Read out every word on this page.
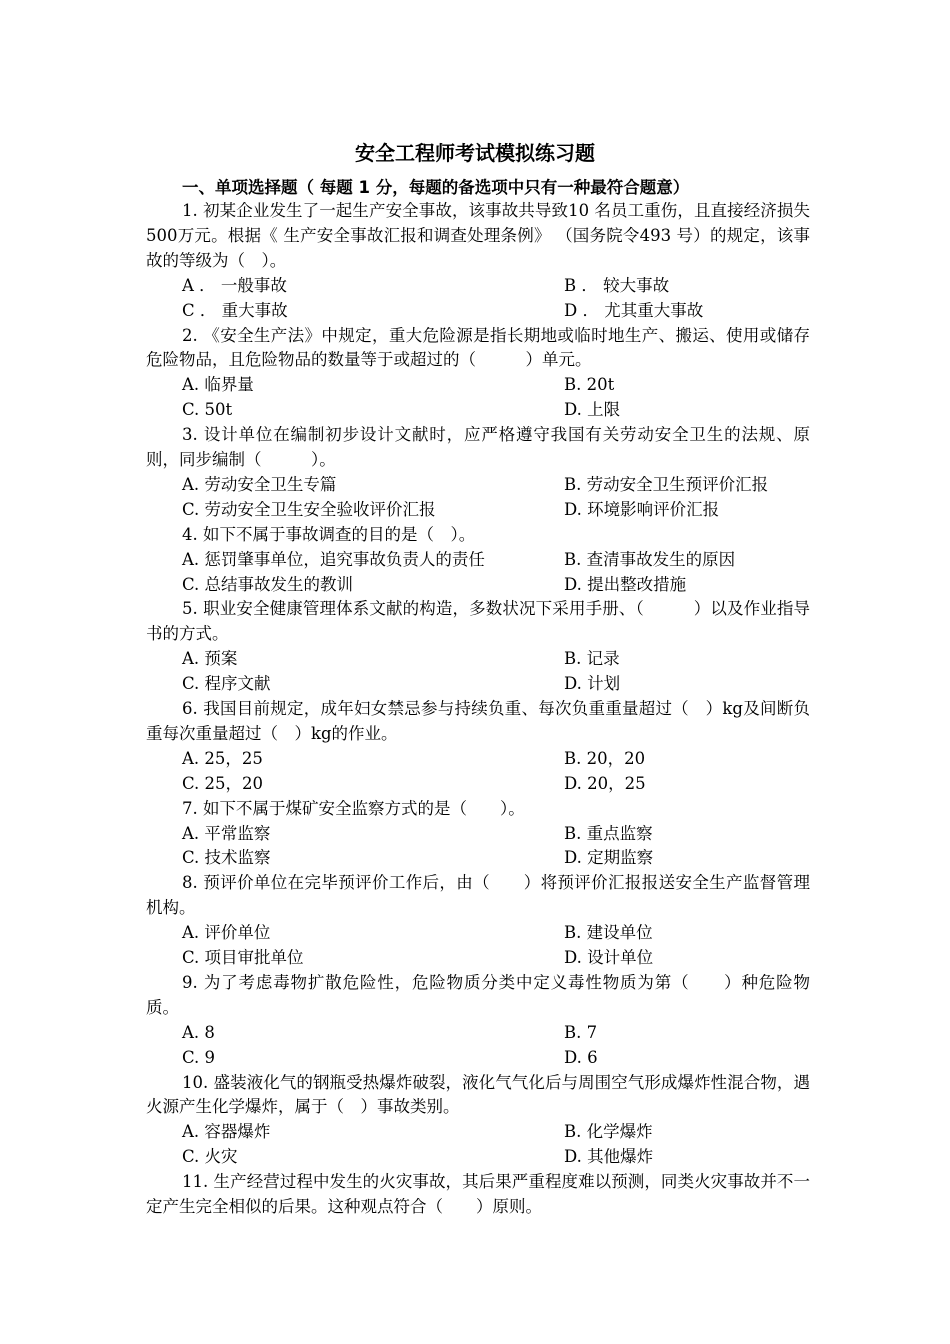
安全工程师考试模拟练习题
一、单项选择题（ 每题 1 分，每题的备选项中只有一种最符合题意）

1. 初某企业发生了一起生产安全事故，该事故共导致10 名员工重伤，且直接经济损失500万元。根据《 生产安全事故汇报和调查处理条例》 （国务院令493 号）的规定，该事故的等级为（　）。

A ． 一般事故	B ． 较大事故
C ． 重大事故	D ． 尤其重大事故

2. 《安全生产法》中规定，重大危险源是指长期地或临时地生产、搬运、使用或储存危险物品，且危险物品的数量等于或超过的（　　　）单元。

A. 临界量	B. 20t
C. 50t	D. 上限

3. 设计单位在编制初步设计文献时，应严格遵守我国有关劳动安全卫生的法规、原则，同步编制（　　　）。

A. 劳动安全卫生专篇	B. 劳动安全卫生预评价汇报
C. 劳动安全卫生安全验收评价汇报	D. 环境影响评价汇报

4. 如下不属于事故调查的目的是（　）。

A. 惩罚肇事单位，追究事故负责人的责任	B. 查清事故发生的原因
C. 总结事故发生的教训	D. 提出整改措施

5. 职业安全健康管理体系文献的构造，多数状况下采用手册、（　　　）以及作业指导书的方式。

A. 预案	B. 记录
C. 程序文献	D. 计划

6. 我国目前规定，成年妇女禁忌参与持续负重、每次负重重量超过（　）kg及间断负重每次重量超过（　）kg的作业。

A. 25，25	B. 20，20
C. 25，20	D. 20，25

7. 如下不属于煤矿安全监察方式的是（　　）。

A. 平常监察	B. 重点监察
C. 技术监察	D. 定期监察

8. 预评价单位在完毕预评价工作后，由（　　）将预评价汇报报送安全生产监督管理机构。

A. 评价单位	B. 建设单位
C. 项目审批单位	D. 设计单位

9. 为了考虑毒物扩散危险性，危险物质分类中定义毒性物质为第（　　）种危险物质。

A. 8	B. 7
C. 9	D. 6

10. 盛装液化气的钢瓶受热爆炸破裂，液化气气化后与周围空气形成爆炸性混合物，遇火源产生化学爆炸，属于（　）事故类别。

A. 容器爆炸	B. 化学爆炸
C. 火灾	D. 其他爆炸

11. 生产经营过程中发生的火灾事故，其后果严重程度难以预测，同类火灾事故并不一定产生完全相似的后果。这种观点符合（　　）原则。
